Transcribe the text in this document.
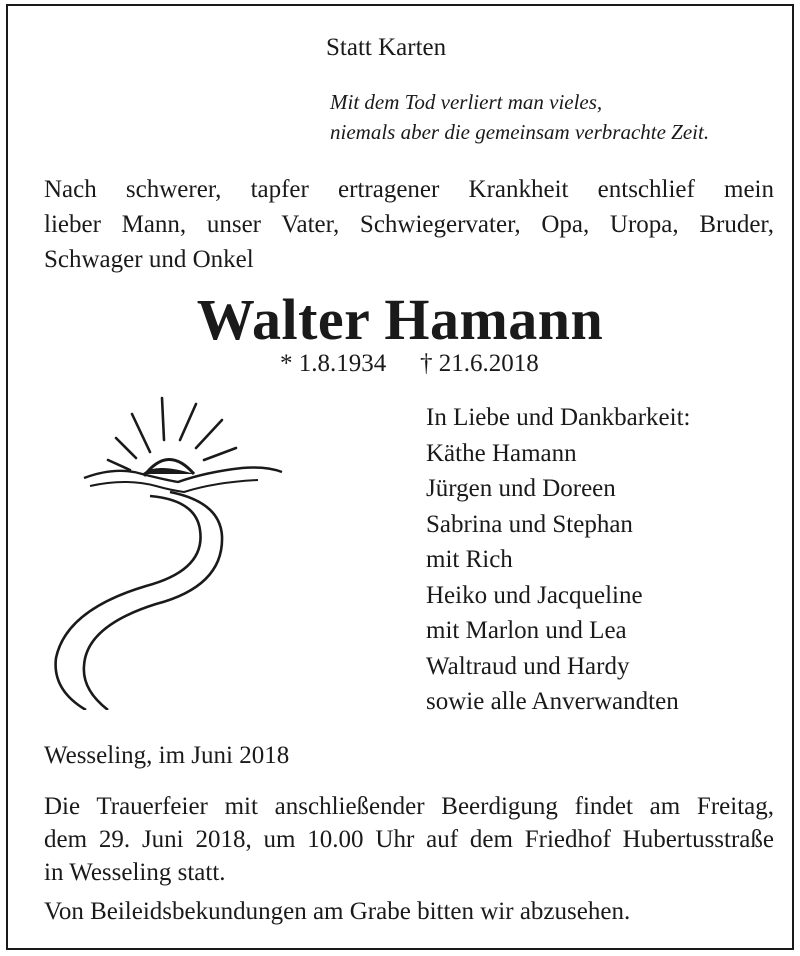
Statt Karten
Mit dem Tod verliert man vieles,
niemals aber die gemeinsam verbrachte Zeit.
Nach schwerer, tapfer ertragener Krankheit entschlief mein
lieber Mann, unser Vater, Schwiegervater, Opa, Uropa, Bruder,
Schwager und Onkel
Walter Hamann
* 1.8.1934 † 21.6.2018
In Liebe und Dankbarkeit:
Käthe Hamann
Jürgen und Doreen
Sabrina und Stephan
mit Rich
Heiko und Jacqueline
mit Marlon und Lea
Waltraud und Hardy
sowie alle Anverwandten
Wesseling, im Juni 2018
Die Trauerfeier mit anschließender Beerdigung findet am Freitag,
dem 29. Juni 2018, um 10.00 Uhr auf dem Friedhof Hubertusstraße
in Wesseling statt.
Von Beileidsbekundungen am Grabe bitten wir abzusehen.
